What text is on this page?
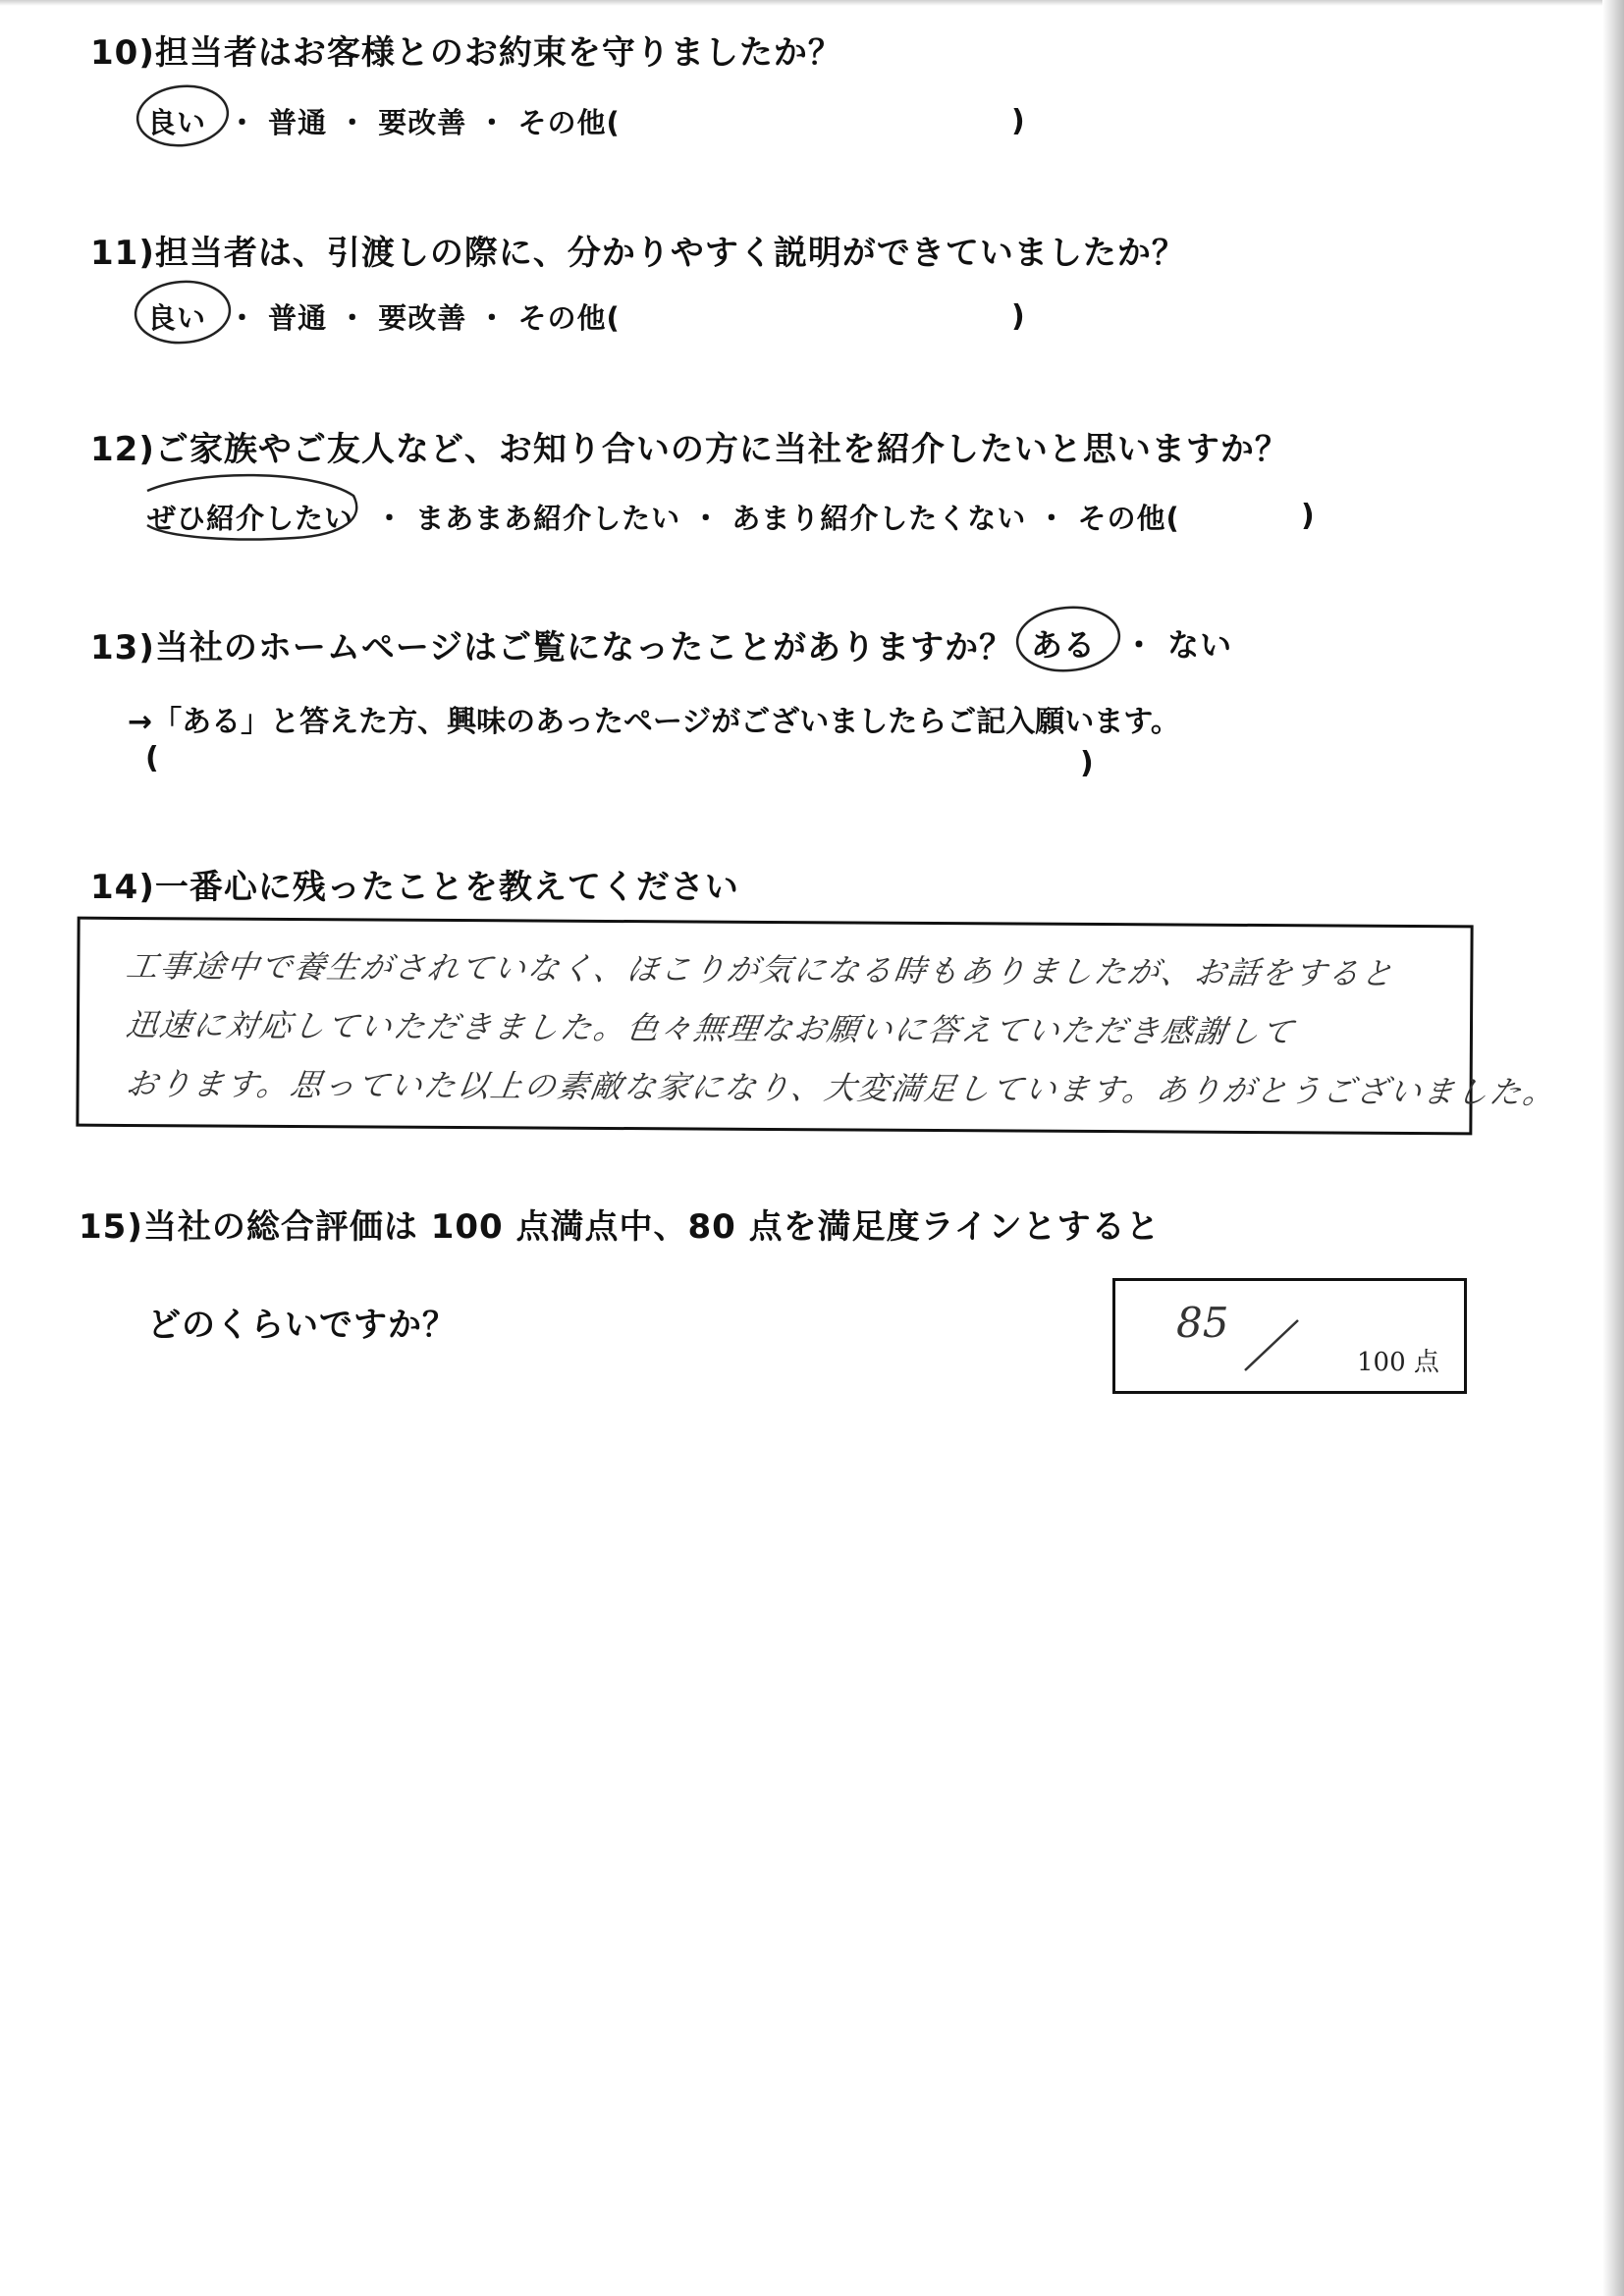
10)担当者はお客様とのお約束を守りましたか？
良い ・ 普通 ・ 要改善 ・ その他(	)
11)担当者は、引渡しの際に、分かりやすく説明ができていましたか？
良い ・ 普通 ・ 要改善 ・ その他(	)
12)ご家族やご友人など、お知り合いの方に当社を紹介したいと思いますか？
ぜひ紹介したい ・ まあまあ紹介したい ・ あまり紹介したくない ・ その他(	)
13)当社のホームページはご覧になったことがありますか？ ある ・ ない
→「ある」と答えた方、興味のあったページがございましたらご記入願います。
(	)
14)一番心に残ったことを教えてください
工事途中で養生がされていなく、ほこりが気になる時もありましたが、お話をすると
迅速に対応していただきました。色々無理なお願いに答えていただき感謝して
おります。思っていた以上の素敵な家になり、大変満足しています。ありがとうございました。
15)当社の総合評価は 100 点満点中、80 点を満足度ラインとすると
どのくらいですか？	85
100 点
